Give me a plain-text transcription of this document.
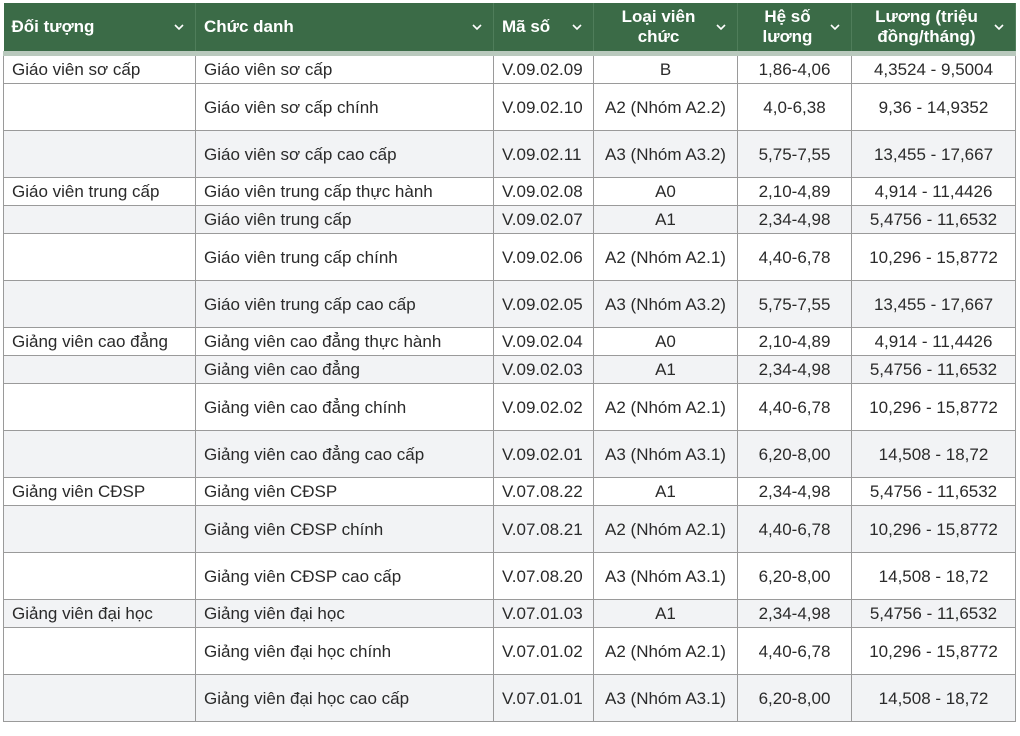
Đối tượng	Chức danh	Mã số	Loại viên chức	Hệ số lương	Lương (triệu đồng/tháng)

Giáo viên sơ cấp	Giáo viên sơ cấp	V.09.02.09	B	1,86-4,06	4,3524 - 9,5004
	Giáo viên sơ cấp chính	V.09.02.10	A2 (Nhóm A2.2)	4,0-6,38	9,36 - 14,9352
	Giáo viên sơ cấp cao cấp	V.09.02.11	A3 (Nhóm A3.2)	5,75-7,55	13,455 - 17,667
Giáo viên trung cấp	Giáo viên trung cấp thực hành	V.09.02.08	A0	2,10-4,89	4,914 - 11,4426
	Giáo viên trung cấp	V.09.02.07	A1	2,34-4,98	5,4756 - 11,6532
	Giáo viên trung cấp chính	V.09.02.06	A2 (Nhóm A2.1)	4,40-6,78	10,296 - 15,8772
	Giáo viên trung cấp cao cấp	V.09.02.05	A3 (Nhóm A3.2)	5,75-7,55	13,455 - 17,667
Giảng viên cao đẳng	Giảng viên cao đẳng thực hành	V.09.02.04	A0	2,10-4,89	4,914 - 11,4426
	Giảng viên cao đẳng	V.09.02.03	A1	2,34-4,98	5,4756 - 11,6532
	Giảng viên cao đẳng chính	V.09.02.02	A2 (Nhóm A2.1)	4,40-6,78	10,296 - 15,8772
	Giảng viên cao đẳng cao cấp	V.09.02.01	A3 (Nhóm A3.1)	6,20-8,00	14,508 - 18,72
Giảng viên CĐSP	Giảng viên CĐSP	V.07.08.22	A1	2,34-4,98	5,4756 - 11,6532
	Giảng viên CĐSP chính	V.07.08.21	A2 (Nhóm A2.1)	4,40-6,78	10,296 - 15,8772
	Giảng viên CĐSP cao cấp	V.07.08.20	A3 (Nhóm A3.1)	6,20-8,00	14,508 - 18,72
Giảng viên đại học	Giảng viên đại học	V.07.01.03	A1	2,34-4,98	5,4756 - 11,6532
	Giảng viên đại học chính	V.07.01.02	A2 (Nhóm A2.1)	4,40-6,78	10,296 - 15,8772
	Giảng viên đại học cao cấp	V.07.01.01	A3 (Nhóm A3.1)	6,20-8,00	14,508 - 18,72
